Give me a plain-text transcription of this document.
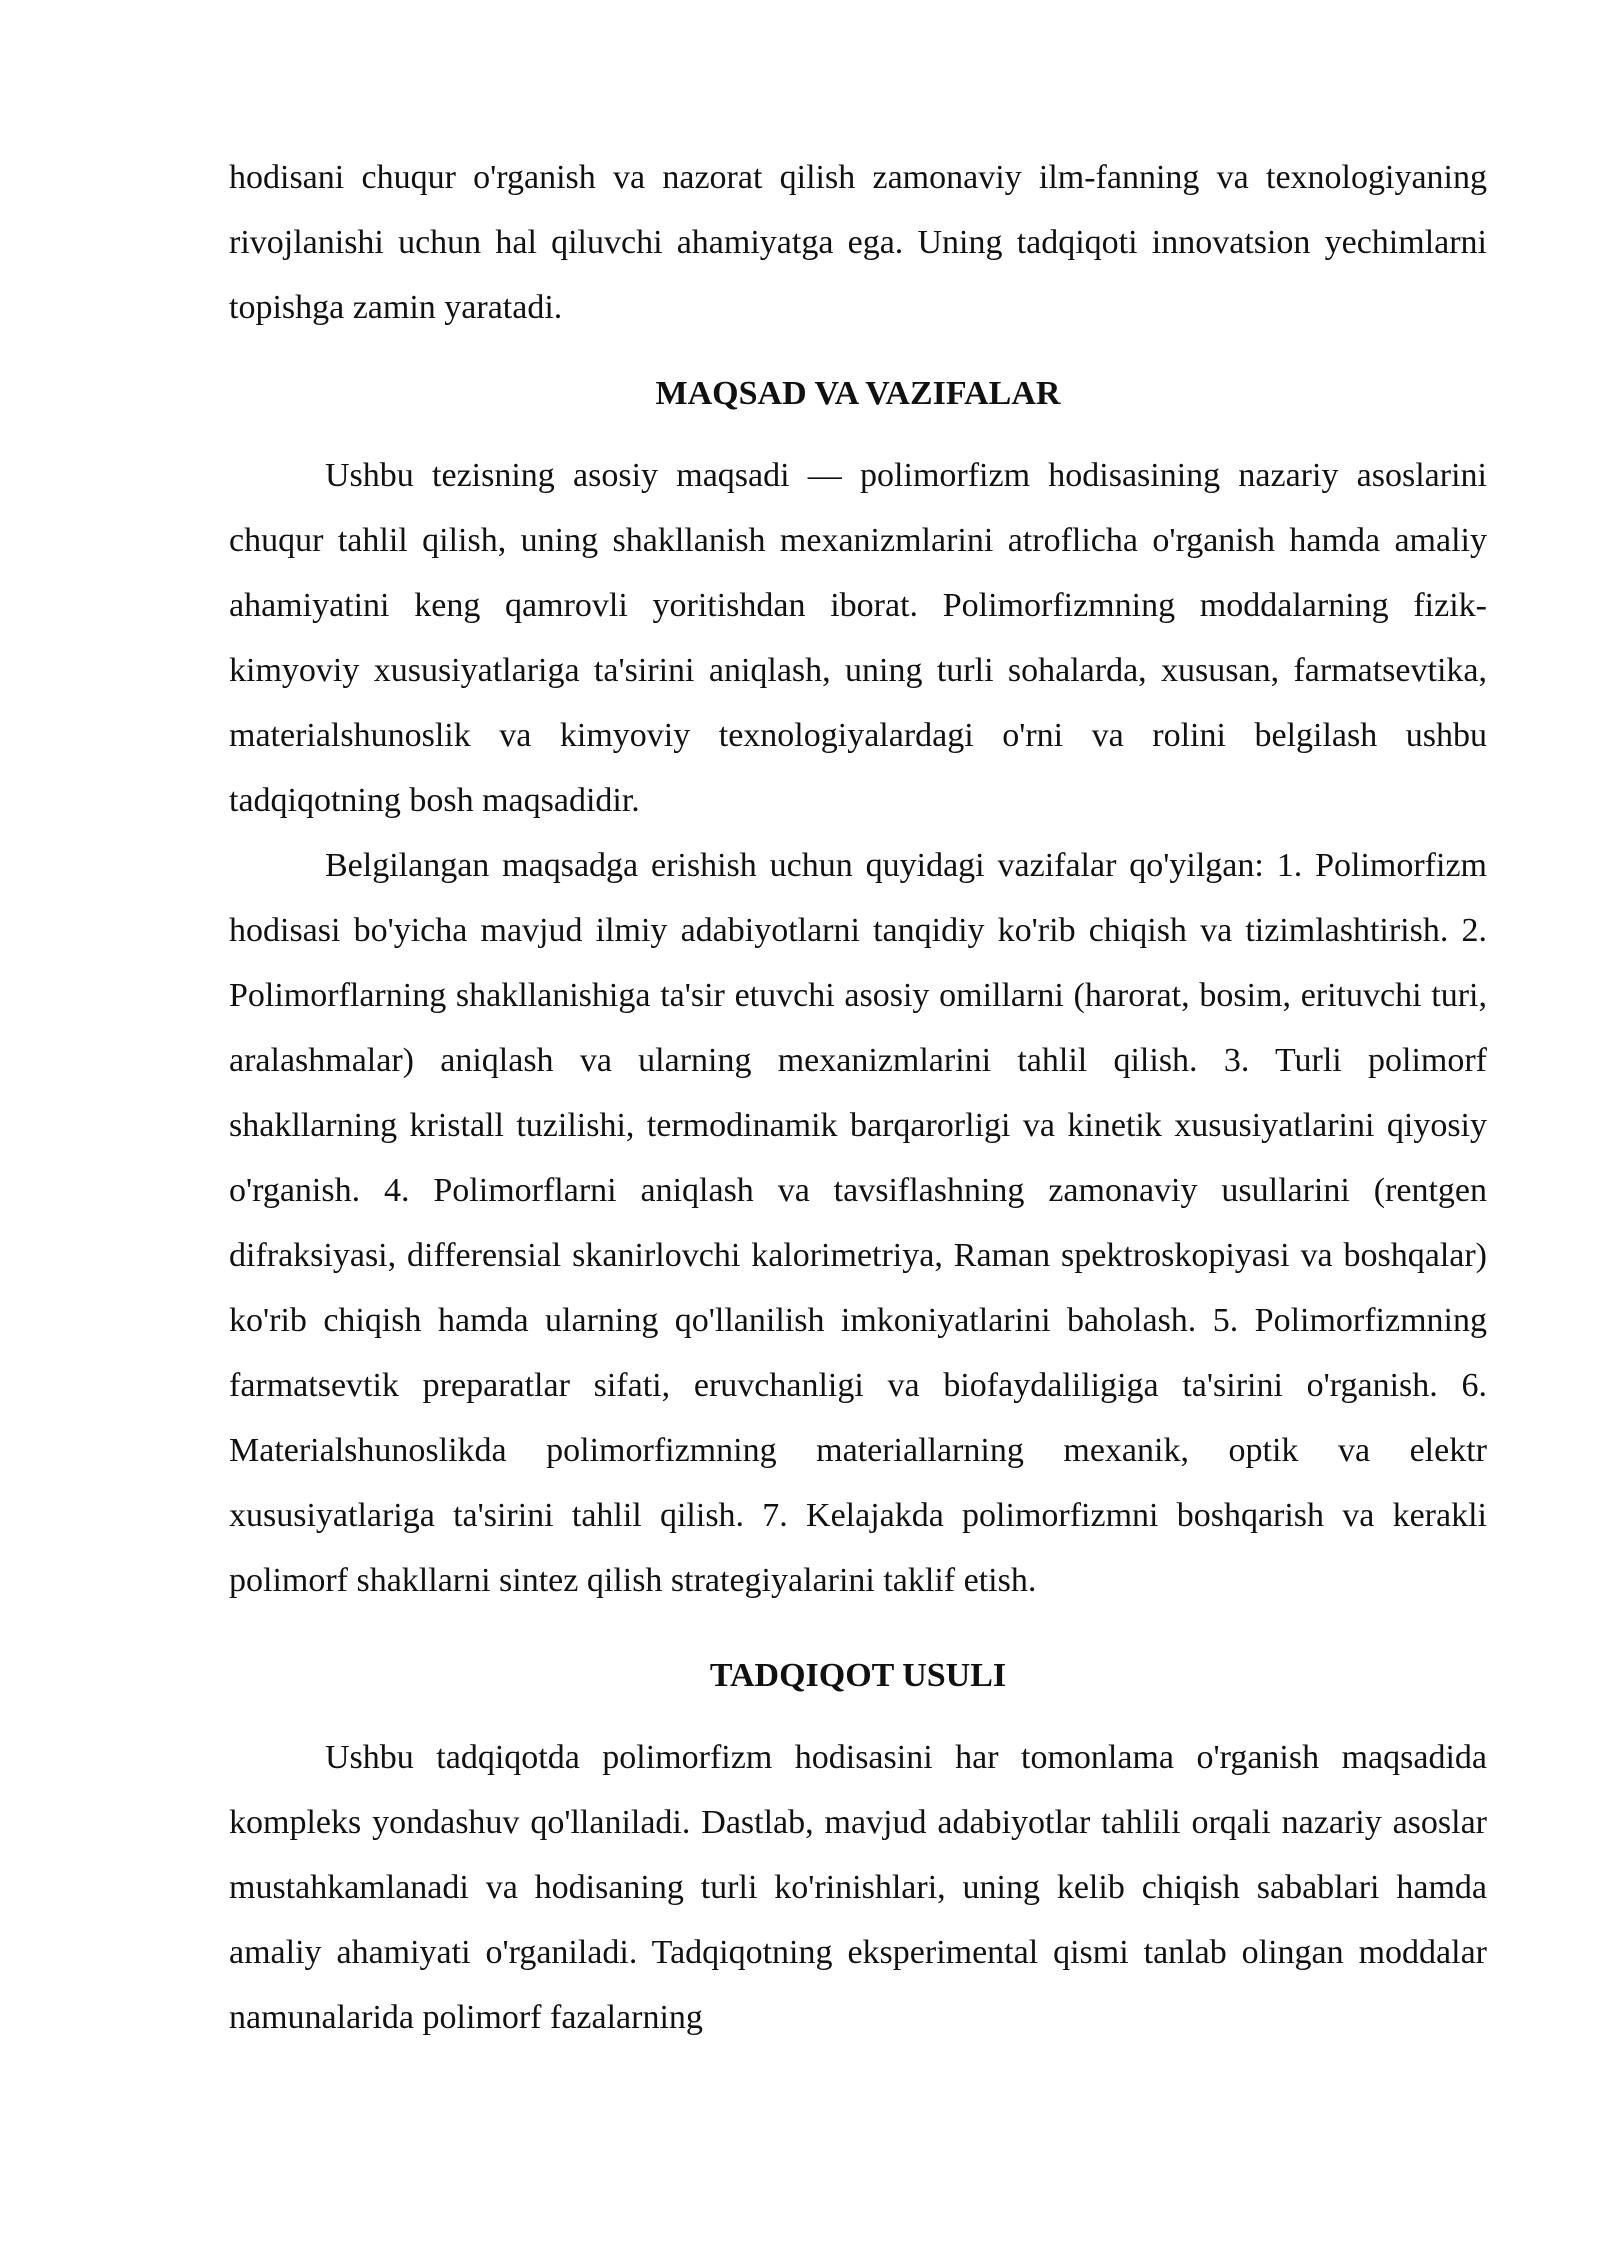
hodisani chuqur o'rganish va nazorat qilish zamonaviy ilm-fanning va texnologiyaning rivojlanishi uchun hal qiluvchi ahamiyatga ega. Uning tadqiqoti innovatsion yechimlarni topishga zamin yaratadi.

MAQSAD VA VAZIFALAR

Ushbu tezisning asosiy maqsadi — polimorfizm hodisasining nazariy asoslarini chuqur tahlil qilish, uning shakllanish mexanizmlarini atroflicha o'rganish hamda amaliy ahamiyatini keng qamrovli yoritishdan iborat. Polimorfizmning moddalarning fizik-kimyoviy xususiyatlariga ta'sirini aniqlash, uning turli sohalarda, xususan, farmatsevtika, materialshunoslik va kimyoviy texnologiyalardagi o'rni va rolini belgilash ushbu tadqiqotning bosh maqsadidir.

Belgilangan maqsadga erishish uchun quyidagi vazifalar qo'yilgan: 1. Polimorfizm hodisasi bo'yicha mavjud ilmiy adabiyotlarni tanqidiy ko'rib chiqish va tizimlashtirish. 2. Polimorflarning shakllanishiga ta'sir etuvchi asosiy omillarni (harorat, bosim, erituvchi turi, aralashmalar) aniqlash va ularning mexanizmlarini tahlil qilish. 3. Turli polimorf shakllarning kristall tuzilishi, termodinamik barqarorligi va kinetik xususiyatlarini qiyosiy o'rganish. 4. Polimorflarni aniqlash va tavsiflashning zamonaviy usullarini (rentgen difraksiyasi, differensial skanirlovchi kalorimetriya, Raman spektroskopiyasi va boshqalar) ko'rib chiqish hamda ularning qo'llanilish imkoniyatlarini baholash. 5. Polimorfizmning farmatsevtik preparatlar sifati, eruvchanligi va biofaydaliligiga ta'sirini o'rganish. 6. Materialshunoslikda polimorfizmning materiallarning mexanik, optik va elektr xususiyatlariga ta'sirini tahlil qilish. 7. Kelajakda polimorfizmni boshqarish va kerakli polimorf shakllarni sintez qilish strategiyalarini taklif etish.

TADQIQOT USULI

Ushbu tadqiqotda polimorfizm hodisasini har tomonlama o'rganish maqsadida kompleks yondashuv qo'llaniladi. Dastlab, mavjud adabiyotlar tahlili orqali nazariy asoslar mustahkamlanadi va hodisaning turli ko'rinishlari, uning kelib chiqish sabablari hamda amaliy ahamiyati o'rganiladi. Tadqiqotning eksperimental qismi tanlab olingan moddalar namunalarida polimorf fazalarning
